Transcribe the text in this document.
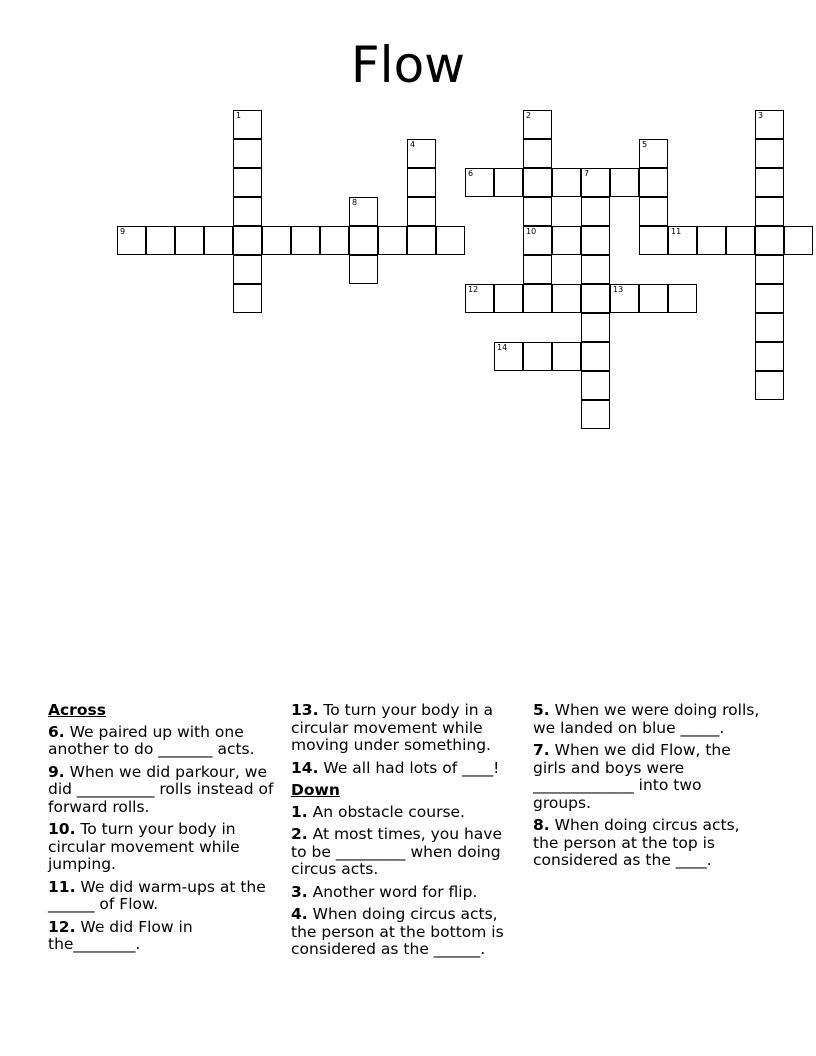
Flow
1	2
10
3
4	5
8
7
6
9	11
12	13
14
Across
6. We paired up with one another to do _______ acts.
9. When we did parkour, we did __________ rolls instead of forward rolls.
10. To turn your body in circular movement while jumping.
11. We did warm-ups at the ______ of Flow.
12. We did Flow in the________.
13. To turn your body in a circular movement while moving under something.
14. We all had lots of ____!
Down
1. An obstacle course.
2. At most times, you have to be _________ when doing circus acts.
3. Another word for flip.
4. When doing circus acts, the person at the bottom is considered as the ______.
5. When we were doing rolls, we landed on blue _____.
7. When we did Flow, the girls and boys were _____________ into two groups.
8. When doing circus acts, the person at the top is considered as the ____.
